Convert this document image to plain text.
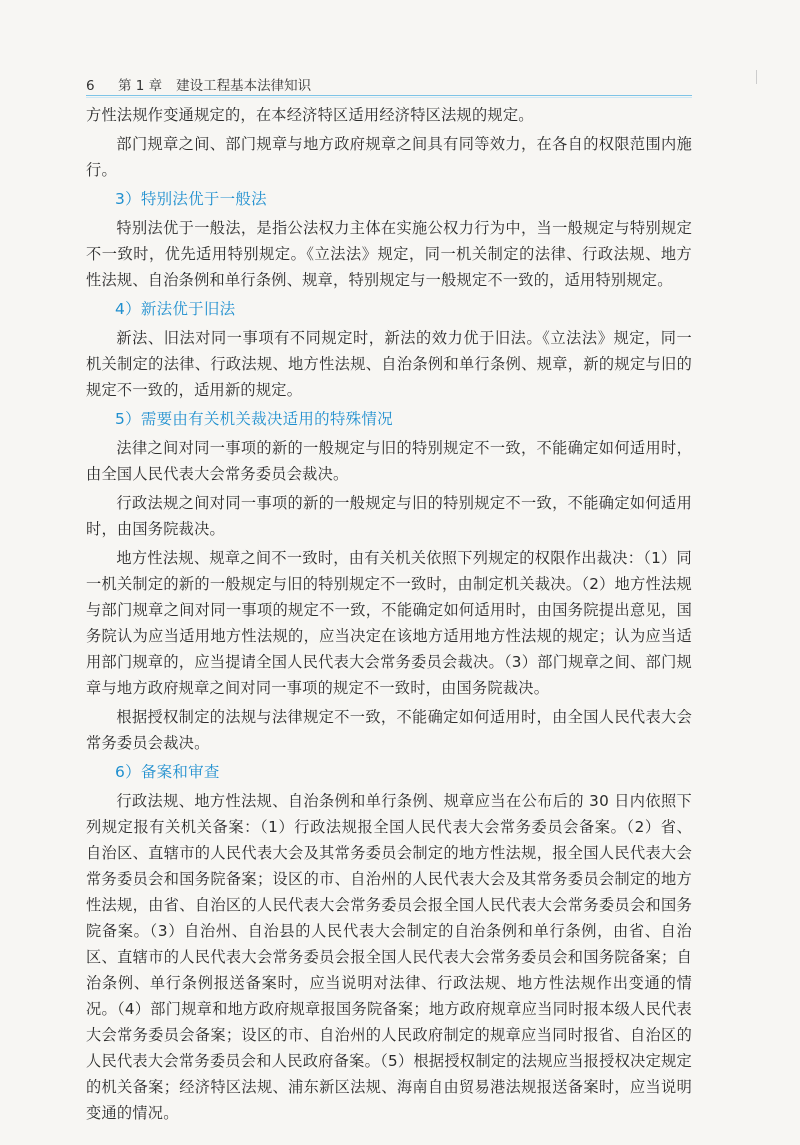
6	第 1 章 建设工程基本法律知识

方性法规作变通规定的，在本经济特区适用经济特区法规的规定。

部门规章之间、部门规章与地方政府规章之间具有同等效力，在各自的权限范围内施行。

3）特别法优于一般法

特别法优于一般法，是指公法权力主体在实施公权力行为中，当一般规定与特别规定不一致时，优先适用特别规定。《立法法》规定，同一机关制定的法律、行政法规、地方性法规、自治条例和单行条例、规章，特别规定与一般规定不一致的，适用特别规定。

4）新法优于旧法

新法、旧法对同一事项有不同规定时，新法的效力优于旧法。《立法法》规定，同一机关制定的法律、行政法规、地方性法规、自治条例和单行条例、规章，新的规定与旧的规定不一致的，适用新的规定。

5）需要由有关机关裁决适用的特殊情况

法律之间对同一事项的新的一般规定与旧的特别规定不一致，不能确定如何适用时，由全国人民代表大会常务委员会裁决。

行政法规之间对同一事项的新的一般规定与旧的特别规定不一致，不能确定如何适用时，由国务院裁决。

地方性法规、规章之间不一致时，由有关机关依照下列规定的权限作出裁决：（1）同一机关制定的新的一般规定与旧的特别规定不一致时，由制定机关裁决。（2）地方性法规与部门规章之间对同一事项的规定不一致，不能确定如何适用时，由国务院提出意见，国务院认为应当适用地方性法规的，应当决定在该地方适用地方性法规的规定；认为应当适用部门规章的，应当提请全国人民代表大会常务委员会裁决。（3）部门规章之间、部门规章与地方政府规章之间对同一事项的规定不一致时，由国务院裁决。

根据授权制定的法规与法律规定不一致，不能确定如何适用时，由全国人民代表大会常务委员会裁决。

6）备案和审查

行政法规、地方性法规、自治条例和单行条例、规章应当在公布后的 30 日内依照下列规定报有关机关备案：（1）行政法规报全国人民代表大会常务委员会备案。（2）省、自治区、直辖市的人民代表大会及其常务委员会制定的地方性法规，报全国人民代表大会常务委员会和国务院备案；设区的市、自治州的人民代表大会及其常务委员会制定的地方性法规，由省、自治区的人民代表大会常务委员会报全国人民代表大会常务委员会和国务院备案。（3）自治州、自治县的人民代表大会制定的自治条例和单行条例，由省、自治区、直辖市的人民代表大会常务委员会报全国人民代表大会常务委员会和国务院备案；自治条例、单行条例报送备案时，应当说明对法律、行政法规、地方性法规作出变通的情况。（4）部门规章和地方政府规章报国务院备案；地方政府规章应当同时报本级人民代表大会常务委员会备案；设区的市、自治州的人民政府制定的规章应当同时报省、自治区的人民代表大会常务委员会和人民政府备案。（5）根据授权制定的法规应当报授权决定规定的机关备案；经济特区法规、浦东新区法规、海南自由贸易港法规报送备案时，应当说明变通的情况。
